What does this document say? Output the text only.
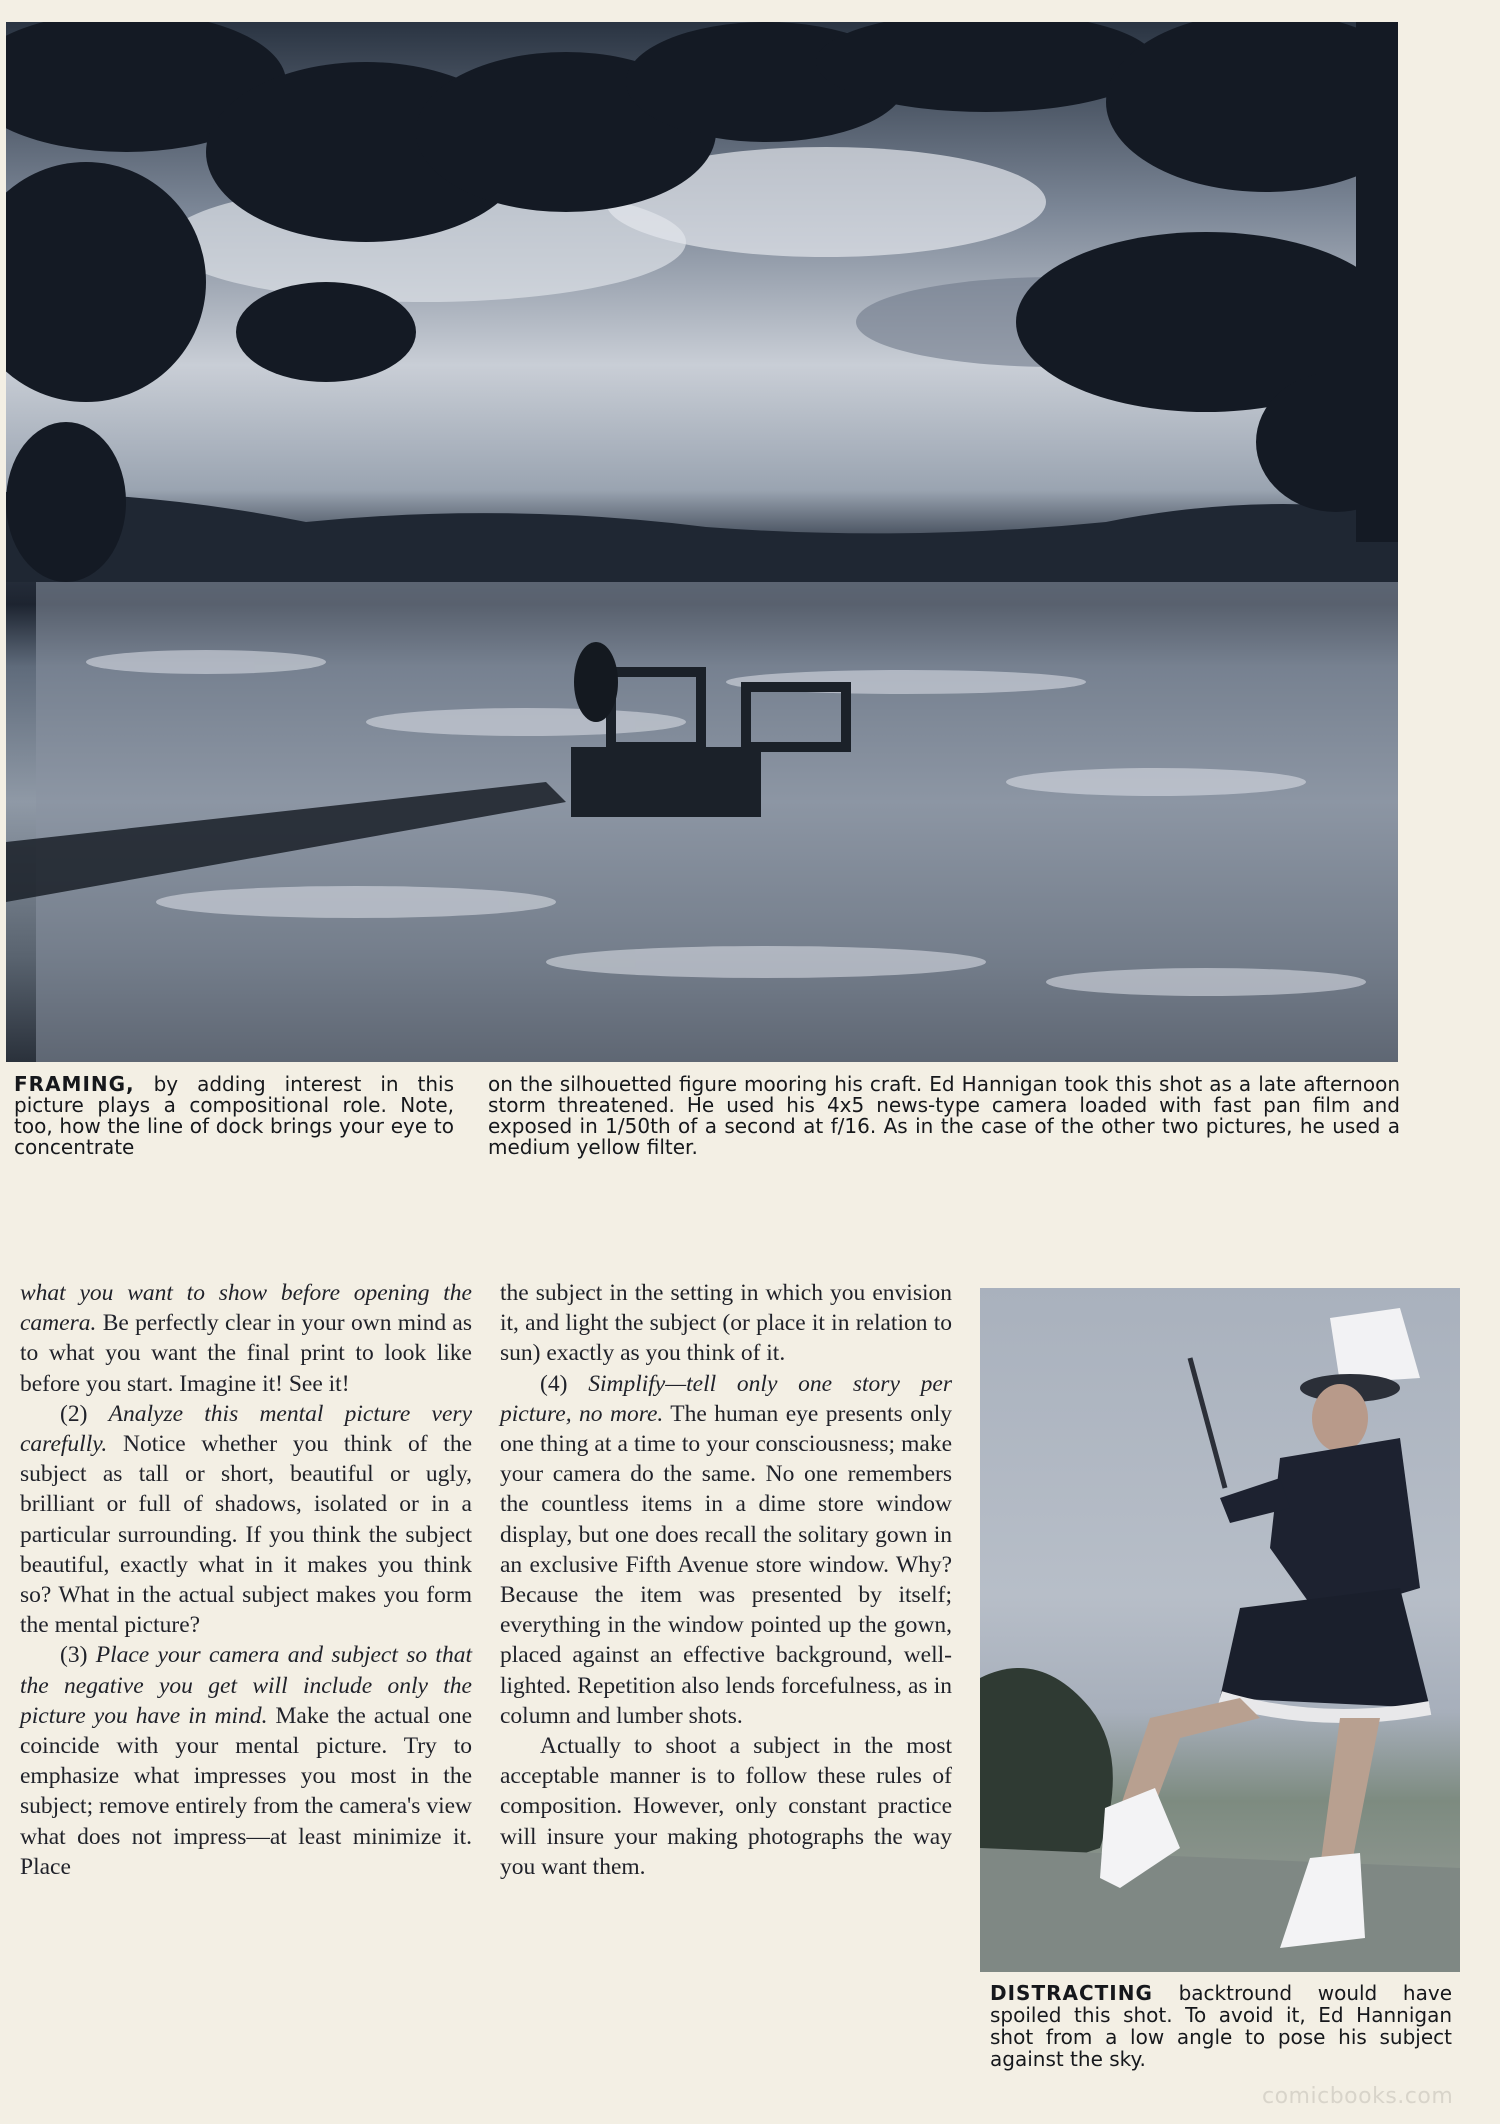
FRAMING, by adding interest in this picture plays a compositional role. Note, too, how the line of dock brings your eye to concentrate
on the silhouetted figure mooring his craft. Ed Hannigan took this shot as a late afternoon storm threatened. He used his 4x5 news-type camera loaded with fast pan film and exposed in 1/50th of a second at f/16. As in the case of the other two pictures, he used a medium yellow filter.

what you want to show before opening the camera. Be perfectly clear in your own mind as to what you want the final print to look like before you start. Imagine it! See it!

(2) Analyze this mental picture very carefully. Notice whether you think of the subject as tall or short, beautiful or ugly, brilliant or full of shadows, isolated or in a particular surrounding. If you think the subject beautiful, exactly what in it makes you think so? What in the actual subject makes you form the mental picture?

(3) Place your camera and subject so that the negative you get will include only the picture you have in mind. Make the actual one coincide with your mental picture. Try to emphasize what impresses you most in the subject; remove entirely from the camera's view what does not impress—at least minimize it. Place

the subject in the setting in which you envision it, and light the subject (or place it in relation to sun) exactly as you think of it.

(4) Simplify—tell only one story per picture, no more. The human eye presents only one thing at a time to your consciousness; make your camera do the same. No one remembers the countless items in a dime store window display, but one does recall the solitary gown in an exclusive Fifth Avenue store window. Why? Because the item was presented by itself; everything in the window pointed up the gown, placed against an effective background, well-lighted. Repetition also lends forcefulness, as in column and lumber shots.

Actually to shoot a subject in the most acceptable manner is to follow these rules of composition. However, only constant practice will insure your making photographs the way you want them.

DISTRACTING backtround would have spoiled this shot. To avoid it, Ed Hannigan shot from a low angle to pose his subject against the sky.
comicbooks.com
